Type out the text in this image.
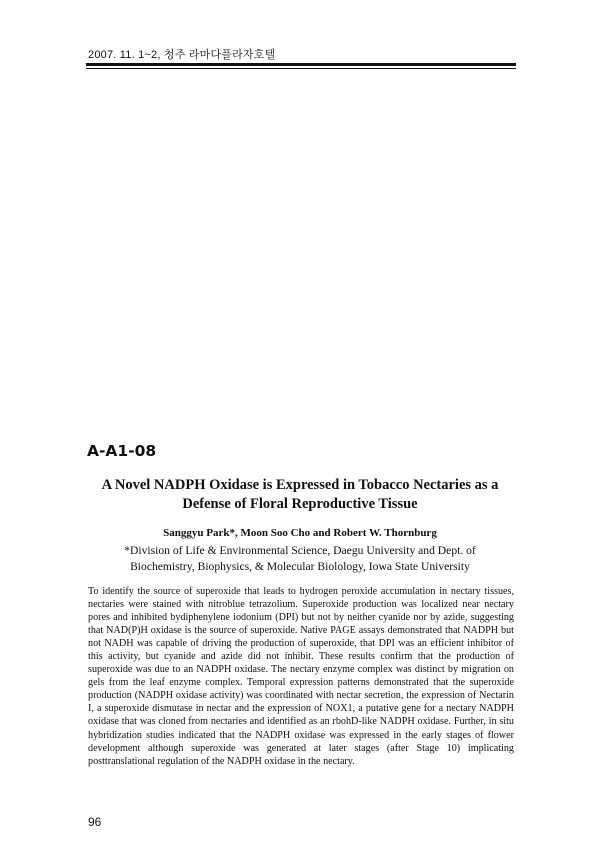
2007. 11. 1~2, 청주 라마다플라자호텔
A-A1-08
A Novel NADPH Oxidase is Expressed in Tobacco Nectaries as a
Defense of Floral Reproductive Tissue
Sanggyu Park*, Moon Soo Cho and Robert W. Thornburg
*Division of Life & Environmental Science, Daegu University and Dept. of
Biochemistry, Biophysics, & Molecular Biolology, Iowa State University
To identify the source of superoxide that leads to hydrogen peroxide accumulation in nectary tissues, nectaries were stained with nitroblue tetrazolium. Superoxide production was localized near nectary pores and inhibited bydiphenylene iodonium (DPI) but not by neither cyanide nor by azide, suggesting that NAD(P)H oxidase is the source of superoxide. Native PAGE assays demonstrated that NADPH but not NADH was capable of driving the production of superoxide, that DPI was an efficient inhibitor of this activity, but cyanide and azide did not inhibit. These results confirm that the production of superoxide was due to an NADPH oxidase. The nectary enzyme complex was distinct by migration on gels from the leaf enzyme complex. Temporal expression patterns demonstrated that the superoxide production (NADPH oxidase activity) was coordinated with nectar secretion, the expression of Nectarin I, a superoxide dismutase in nectar and the expression of NOX1, a putative gene for a nectary NADPH oxidase that was cloned from nectaries and identified as an rbohD-like NADPH oxidase. Further, in situ hybridization studies indicated that the NADPH oxidase was expressed in the early stages of flower development although superoxide was generated at later stages (after Stage 10) implicating posttranslational regulation of the NADPH oxidase in the nectary.
96
